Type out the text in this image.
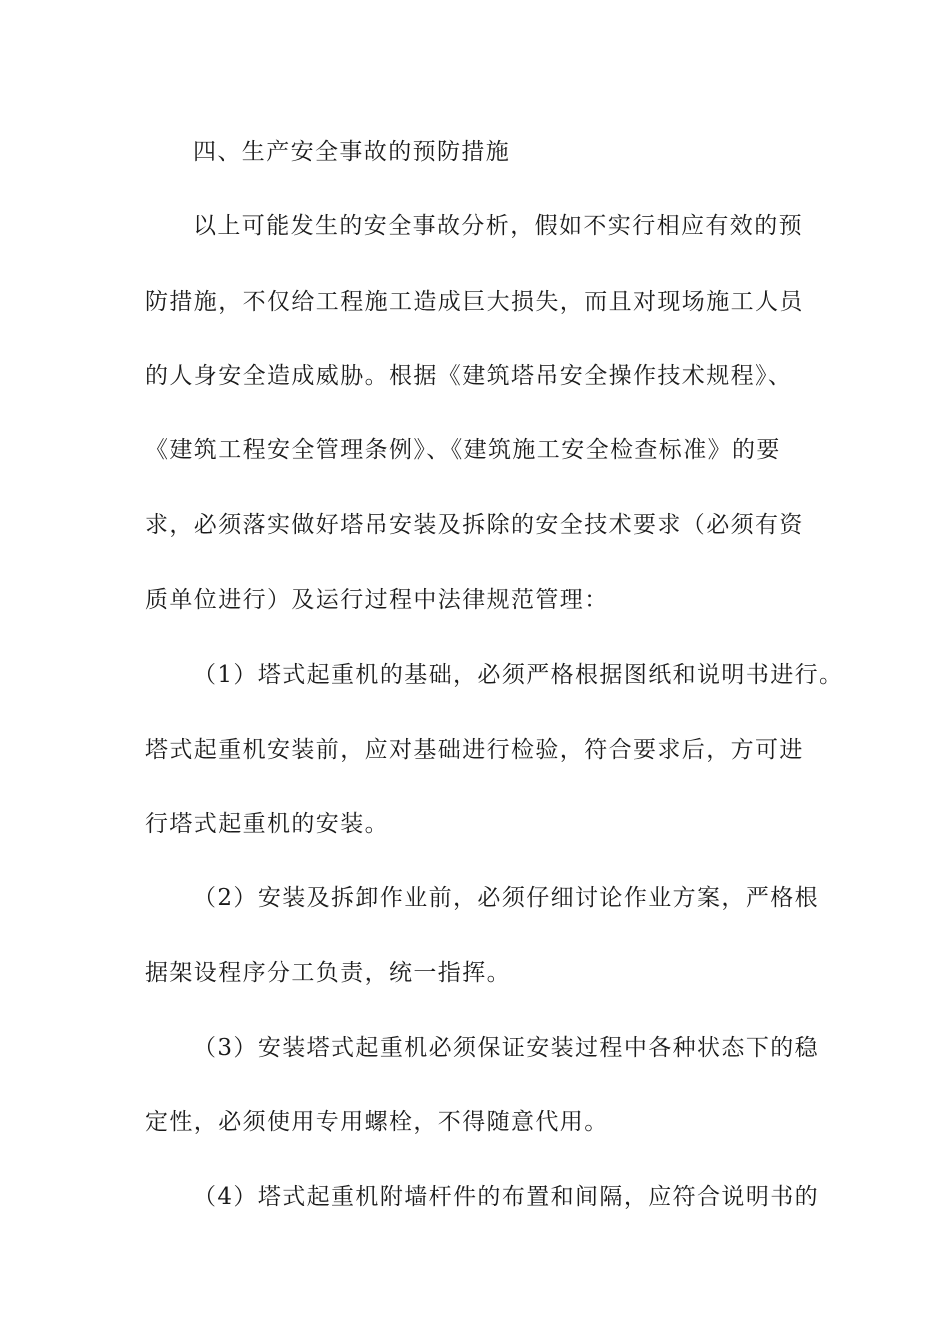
四、生产安全事故的预防措施
以上可能发生的安全事故分析，假如不实行相应有效的预
防措施，不仅给工程施工造成巨大损失，而且对现场施工人员
的人身安全造成威胁。根据《建筑塔吊安全操作技术规程》、
《建筑工程安全管理条例》、《建筑施工安全检查标准》的要
求，必须落实做好塔吊安装及拆除的安全技术要求（必须有资
质单位进行）及运行过程中法律规范管理：
（1）塔式起重机的基础，必须严格根据图纸和说明书进行。
塔式起重机安装前，应对基础进行检验，符合要求后，方可进
行塔式起重机的安装。
（2）安装及拆卸作业前，必须仔细讨论作业方案，严格根
据架设程序分工负责，统一指挥。
（3）安装塔式起重机必须保证安装过程中各种状态下的稳
定性，必须使用专用螺栓，不得随意代用。
（4）塔式起重机附墙杆件的布置和间隔，应符合说明书的
